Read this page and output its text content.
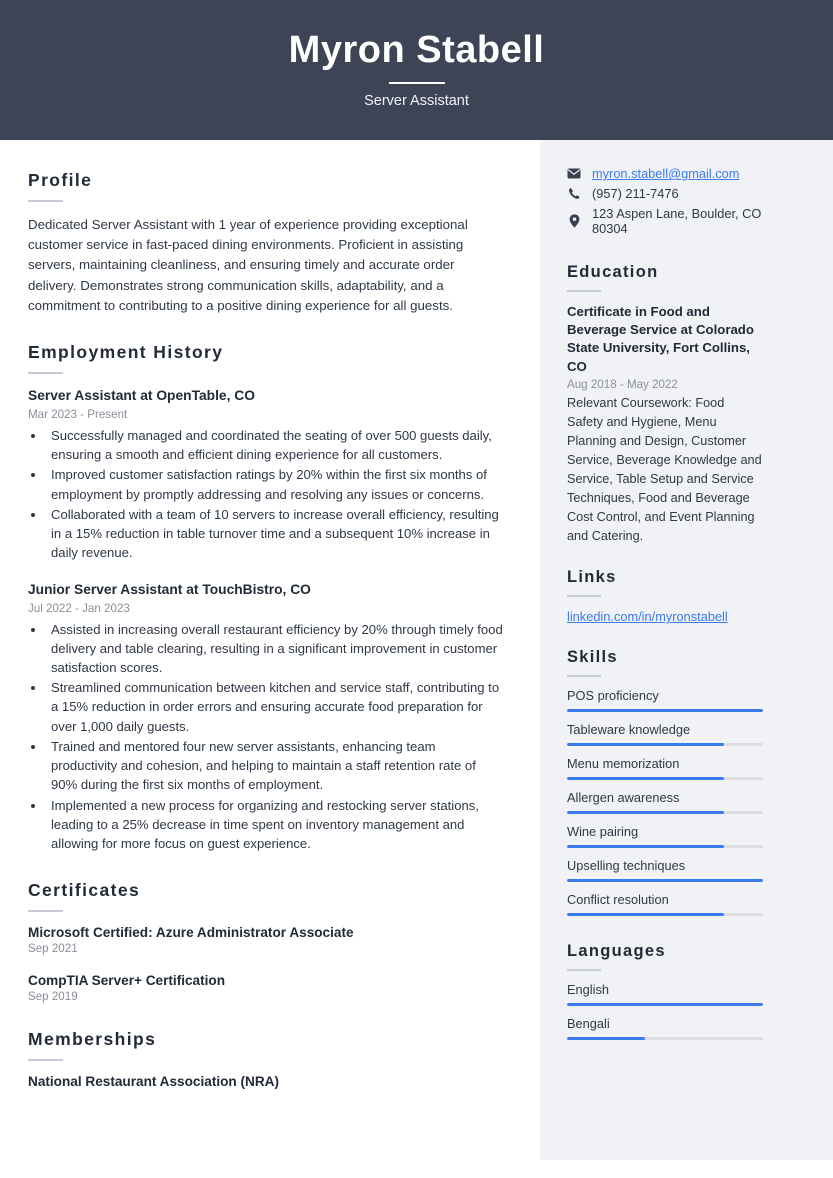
Myron Stabell
Server Assistant
Profile
Dedicated Server Assistant with 1 year of experience providing exceptional customer service in fast-paced dining environments. Proficient in assisting servers, maintaining cleanliness, and ensuring timely and accurate order delivery. Demonstrates strong communication skills, adaptability, and a commitment to contributing to a positive dining experience for all guests.
Employment History
Server Assistant at OpenTable, CO
Mar 2023 - Present
• Successfully managed and coordinated the seating of over 500 guests daily, ensuring a smooth and efficient dining experience for all customers.
• Improved customer satisfaction ratings by 20% within the first six months of employment by promptly addressing and resolving any issues or concerns.
• Collaborated with a team of 10 servers to increase overall efficiency, resulting in a 15% reduction in table turnover time and a subsequent 10% increase in daily revenue.
Junior Server Assistant at TouchBistro, CO
Jul 2022 - Jan 2023
• Assisted in increasing overall restaurant efficiency by 20% through timely food delivery and table clearing, resulting in a significant improvement in customer satisfaction scores.
• Streamlined communication between kitchen and service staff, contributing to a 15% reduction in order errors and ensuring accurate food preparation for over 1,000 daily guests.
• Trained and mentored four new server assistants, enhancing team productivity and cohesion, and helping to maintain a staff retention rate of 90% during the first six months of employment.
• Implemented a new process for organizing and restocking server stations, leading to a 25% decrease in time spent on inventory management and allowing for more focus on guest experience.
Certificates
Microsoft Certified: Azure Administrator Associate
Sep 2021
CompTIA Server+ Certification
Sep 2019
Memberships
National Restaurant Association (NRA)
myron.stabell@gmail.com
(957) 211-7476
123 Aspen Lane, Boulder, CO 80304
Education
Certificate in Food and Beverage Service at Colorado State University, Fort Collins, CO
Aug 2018 - May 2022
Relevant Coursework: Food Safety and Hygiene, Menu Planning and Design, Customer Service, Beverage Knowledge and Service, Table Setup and Service Techniques, Food and Beverage Cost Control, and Event Planning and Catering.
Links
linkedin.com/in/myronstabell
Skills
POS proficiency
Tableware knowledge
Menu memorization
Allergen awareness
Wine pairing
Upselling techniques
Conflict resolution
Languages
English
Bengali
